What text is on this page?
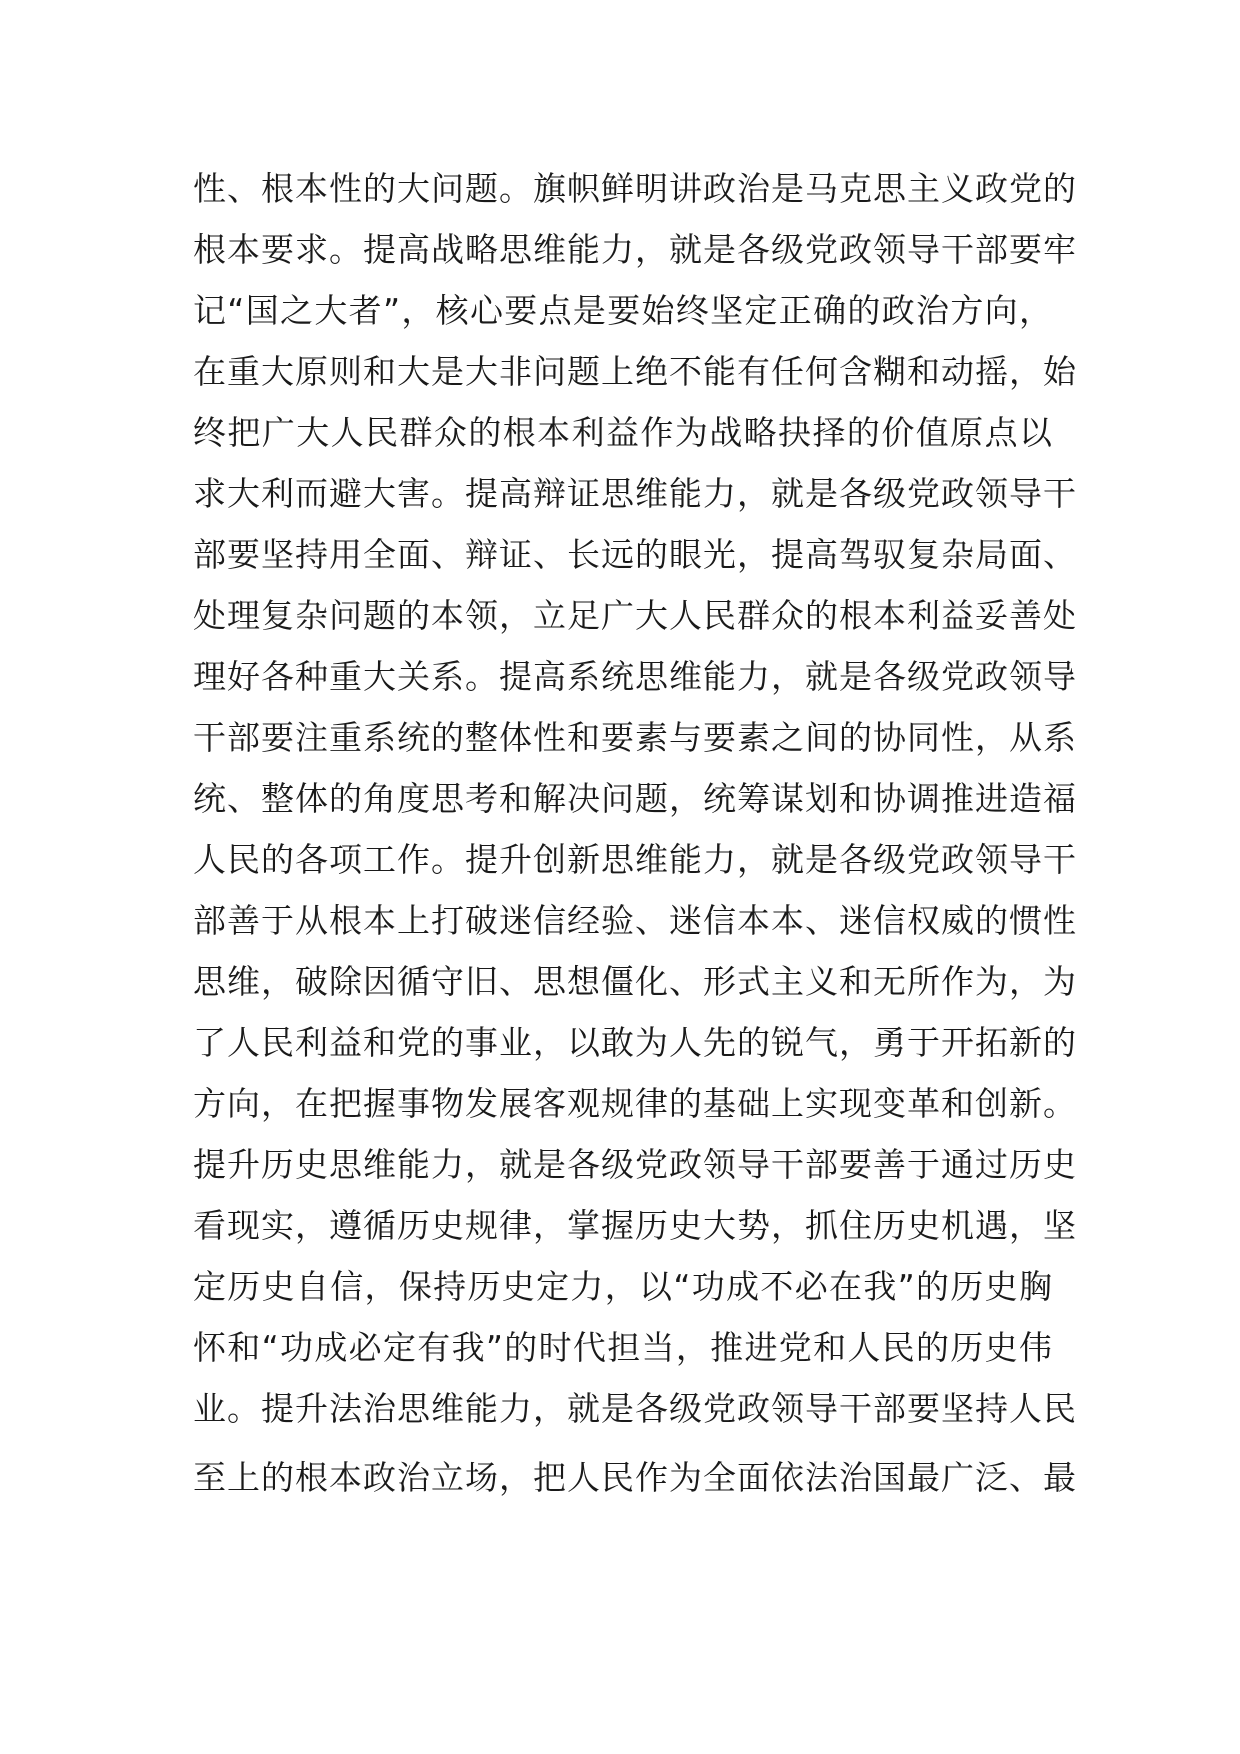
性、根本性的大问题。旗帜鲜明讲政治是马克思主义政党的
根本要求。提高战略思维能力，就是各级党政领导干部要牢
记“国之大者”，核心要点是要始终坚定正确的政治方向，
在重大原则和大是大非问题上绝不能有任何含糊和动摇，始
终把广大人民群众的根本利益作为战略抉择的价值原点以
求大利而避大害。提高辩证思维能力，就是各级党政领导干
部要坚持用全面、辩证、长远的眼光，提高驾驭复杂局面、
处理复杂问题的本领，立足广大人民群众的根本利益妥善处
理好各种重大关系。提高系统思维能力，就是各级党政领导
干部要注重系统的整体性和要素与要素之间的协同性，从系
统、整体的角度思考和解决问题，统筹谋划和协调推进造福
人民的各项工作。提升创新思维能力，就是各级党政领导干
部善于从根本上打破迷信经验、迷信本本、迷信权威的惯性
思维，破除因循守旧、思想僵化、形式主义和无所作为，为
了人民利益和党的事业，以敢为人先的锐气，勇于开拓新的
方向，在把握事物发展客观规律的基础上实现变革和创新。
提升历史思维能力，就是各级党政领导干部要善于通过历史
看现实，遵循历史规律，掌握历史大势，抓住历史机遇，坚
定历史自信，保持历史定力，以“功成不必在我”的历史胸
怀和“功成必定有我”的时代担当，推进党和人民的历史伟
业。提升法治思维能力，就是各级党政领导干部要坚持人民
至上的根本政治立场，把人民作为全面依法治国最广泛、最
